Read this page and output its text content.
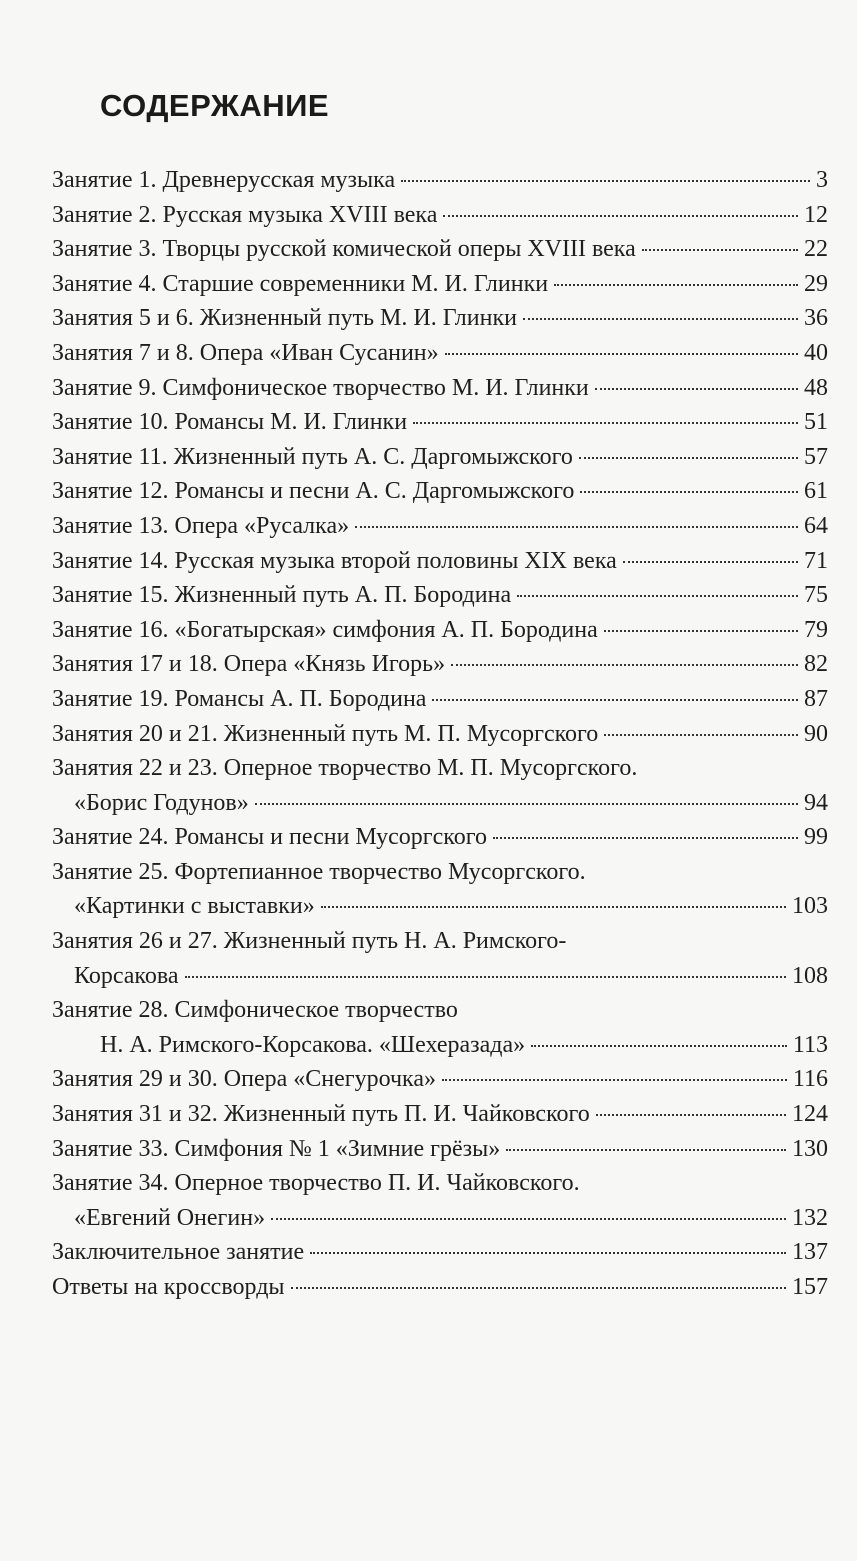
СОДЕРЖАНИЕ
Занятие 1. Древнерусская музыка	3
Занятие 2. Русская музыка XVIII века	12
Занятие 3. Творцы русской комической оперы XVIII века	22
Занятие 4. Старшие современники М. И. Глинки	29
Занятия 5 и 6. Жизненный путь М. И. Глинки	36
Занятия 7 и 8. Опера «Иван Сусанин»	40
Занятие 9. Симфоническое творчество М. И. Глинки	48
Занятие 10. Романсы М. И. Глинки	51
Занятие 11. Жизненный путь А. С. Даргомыжского	57
Занятие 12. Романсы и песни А. С. Даргомыжского	61
Занятие 13. Опера «Русалка»	64
Занятие 14. Русская музыка второй половины XIX века	71
Занятие 15. Жизненный путь А. П. Бородина	75
Занятие 16. «Богатырская» симфония А. П. Бородина	79
Занятия 17 и 18. Опера «Князь Игорь»	82
Занятие 19. Романсы А. П. Бородина	87
Занятия 20 и 21. Жизненный путь М. П. Мусоргского	90
Занятия 22 и 23. Оперное творчество М. П. Мусоргского.
«Борис Годунов»	94
Занятие 24. Романсы и песни Мусоргского	99
Занятие 25. Фортепианное творчество Мусоргского.
«Картинки с выставки»	103
Занятия 26 и 27. Жизненный путь Н. А. Римского-
Корсакова	108
Занятие 28. Симфоническое творчество
Н. А. Римского-Корсакова. «Шехеразада»	113
Занятия 29 и 30. Опера «Снегурочка»	116
Занятия 31 и 32. Жизненный путь П. И. Чайковского	124
Занятие 33. Симфония № 1 «Зимние грёзы»	130
Занятие 34. Оперное творчество П. И. Чайковского.
«Евгений Онегин»	132
Заключительное занятие	137
Ответы на кроссворды	157
